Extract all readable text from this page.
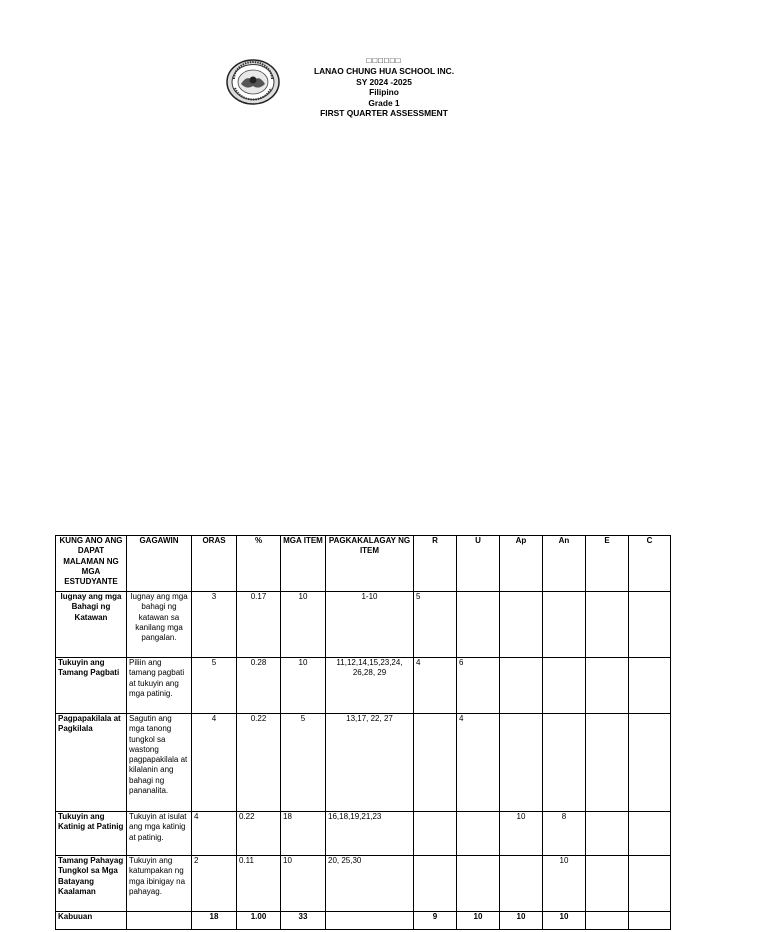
□□□□□□
LANAO CHUNG HUA SCHOOL INC.
SY 2024 -2025
Filipino
Grade 1
FIRST QUARTER ASSESSMENT
KUNG ANO ANG DAPAT MALAMAN NG MGA ESTUDYANTE	GAGAWIN	ORAS	%	MGA ITEM	PAGKAKALAGAY NG ITEM	R	U	Ap	An	E	C
Iugnay ang mga Bahagi ng Katawan	Iugnay ang mga bahagi ng katawan sa kanilang mga pangalan.	3	0.17	10	1-10	5					
Tukuyin ang Tamang Pagbati	Piliin ang tamang pagbati at tukuyin ang mga patinig.	5	0.28	10	11,12,14,15,23,24, 26,28, 29	4	6				
Pagpapakilala at Pagkilala	Sagutin ang mga tanong tungkol sa wastong pagpapakilala at kilalanin ang bahagi ng pananalita.	4	0.22	5	13,17, 22, 27		4				
Tukuyin ang Katinig at Patinig	Tukuyin at isulat ang mga katinig at patinig.	4	0.22	18	16,18,19,21,23			10	8		
Tamang Pahayag Tungkol sa Mga Batayang Kaalaman	Tukuyin ang katumpakan ng mga ibinigay na pahayag.	2	0.11	10	20, 25,30				10		
Kabuuan		18	1.00	33		9	10	10	10		
